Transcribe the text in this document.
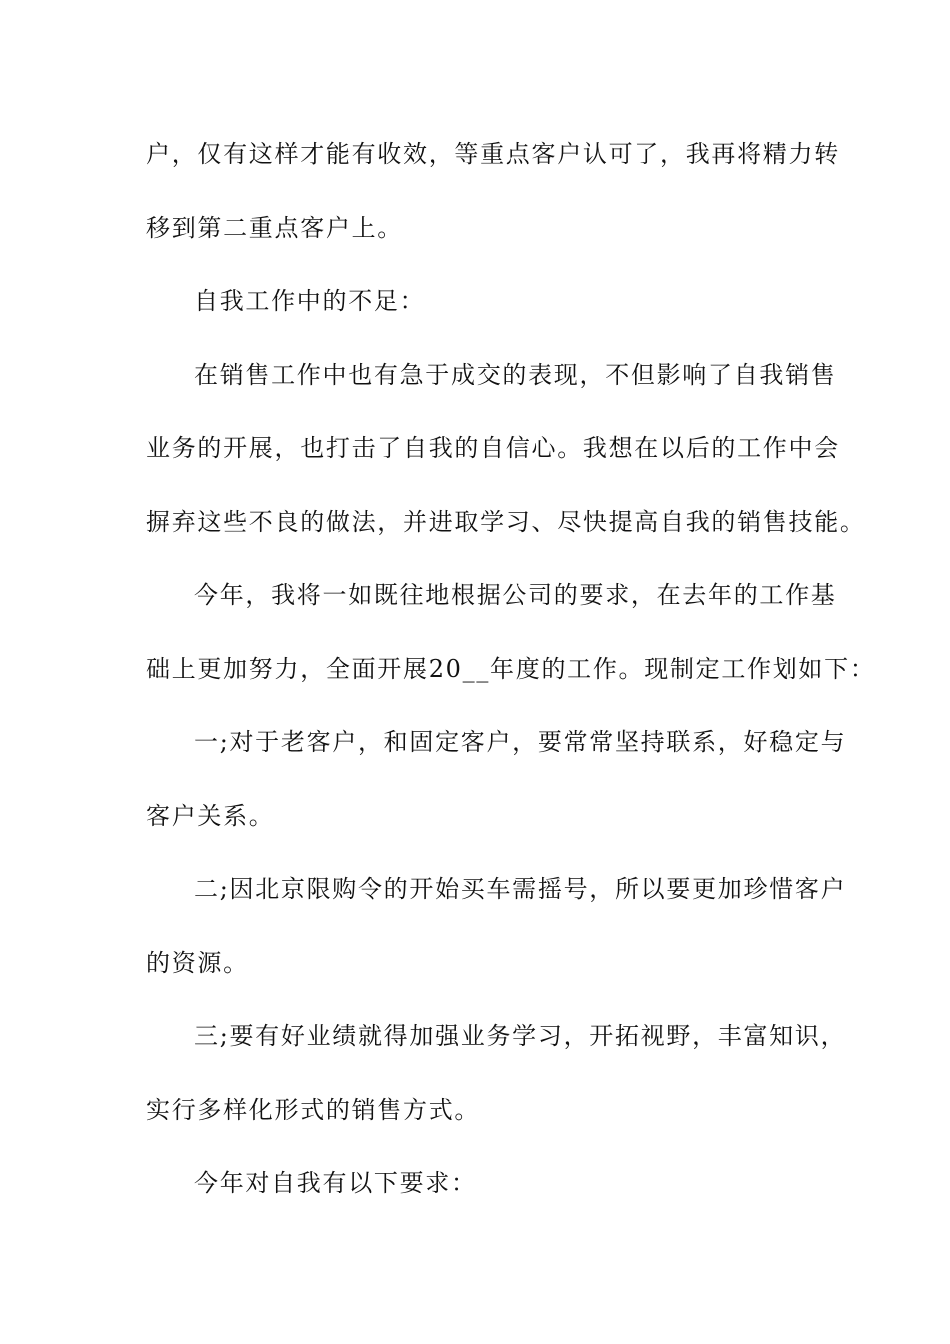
户，仅有这样才能有收效，等重点客户认可了，我再将精力转
移到第二重点客户上。
自我工作中的不足：
在销售工作中也有急于成交的表现，不但影响了自我销售
业务的开展，也打击了自我的自信心。我想在以后的工作中会
摒弃这些不良的做法，并进取学习、尽快提高自我的销售技能。
今年，我将一如既往地根据公司的要求，在去年的工作基
础上更加努力，全面开展20__年度的工作。现制定工作划如下：
一;对于老客户，和固定客户，要常常坚持联系，好稳定与
客户关系。
二;因北京限购令的开始买车需摇号，所以要更加珍惜客户
的资源。
三;要有好业绩就得加强业务学习，开拓视野，丰富知识，
实行多样化形式的销售方式。
今年对自我有以下要求：
